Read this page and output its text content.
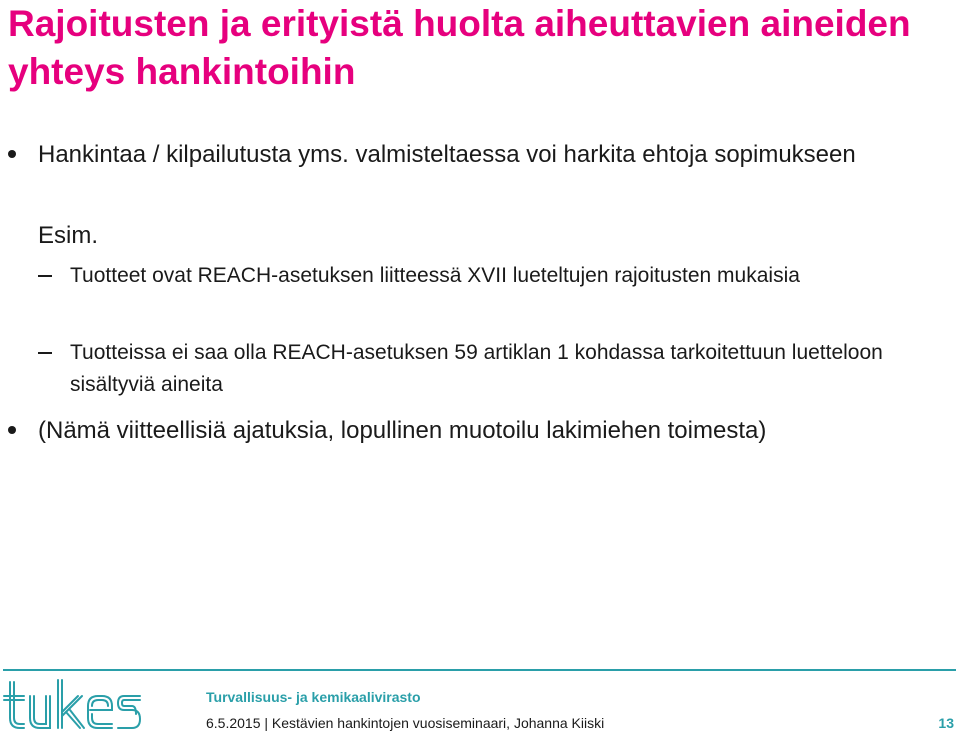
Rajoitusten ja erityistä huolta aiheuttavien aineiden yhteys hankintoihin
Hankintaa / kilpailutusta yms. valmisteltaessa voi harkita ehtoja sopimukseen
Esim.
Tuotteet ovat REACH-asetuksen liitteessä XVII lueteltujen rajoitusten mukaisia
Tuotteissa ei saa olla REACH-asetuksen 59 artiklan 1 kohdassa tarkoitettuun luetteloon sisältyviä aineita
(Nämä viitteellisiä ajatuksia, lopullinen muotoilu lakimiehen toimesta)
Turvallisuus- ja kemikaalivirasto
6.5.2015 | Kestävien hankintojen vuosiseminaari, Johanna Kiiski	13
